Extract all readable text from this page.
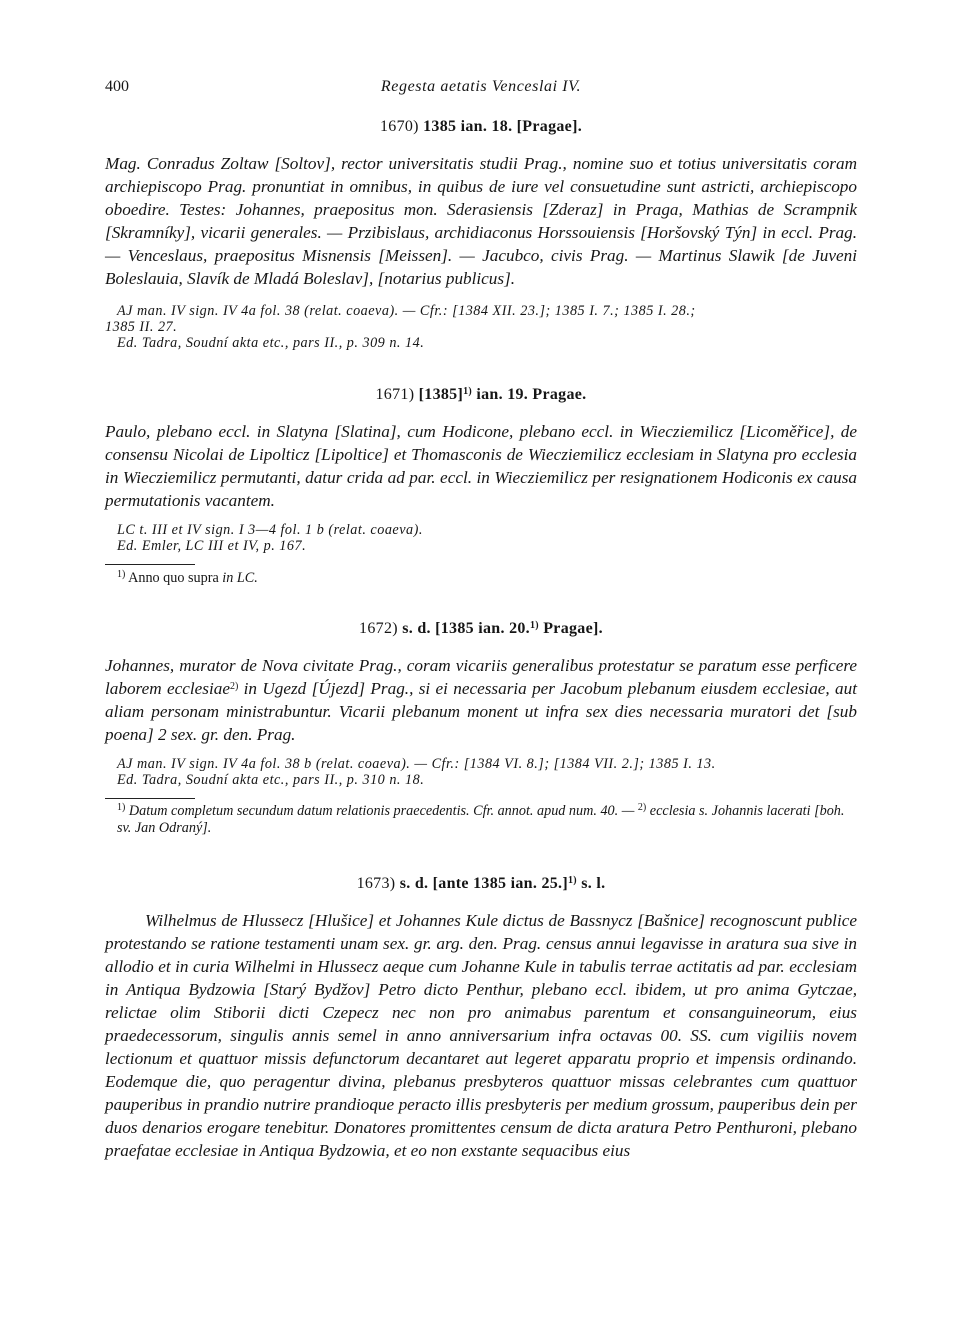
400	Regesta aetatis Venceslai IV.
1670) 1385 ian. 18. [Pragae].

Mag. Conradus Zoltaw [Soltov], rector universitatis studii Prag., nomine suo et totius universitatis coram archiepiscopo Prag. pronuntiat in omnibus, in quibus de iure vel consuetudine sunt astricti, archiepiscopo oboedire. Testes: Johannes, praepositus mon. Sderasiensis [Zderaz] in Praga, Mathias de Scrampnik [Skramníky], vicarii generales. — Przibislaus, archidiaconus Horssouiensis [Horšovský Týn] in eccl. Prag. — Venceslaus, praepositus Misnensis [Meissen]. — Jacubco, civis Prag. — Martinus Slawik [de Juveni Boleslauia, Slavík de Mladá Boleslav], [notarius publicus].

AJ man. IV sign. IV 4a fol. 38 (relat. coaeva). — Cfr.: [1384 XII. 23.]; 1385 I. 7.; 1385 I. 28.;

1385 II. 27.

Ed. Tadra, Soudní akta etc., pars II., p. 309 n. 14.

1671) $[1385]^{1)}$ ian. 19. Pragae.

Paulo, plebano eccl. in Slatyna [Slatina], cum Hodicone, plebano eccl. in Wiecziemilicz [Licoměřice], de consensu Nicolai de Lipolticz [Lipoltice] et Thomasconis de Wiecziemilicz ecclesiam in Slatyna pro ecclesia in Wiecziemilicz permutanti, datur crida ad par. eccl. in Wiecziemilicz per resignationem Hodiconis ex causa permutationis vacantem.

LC t. III et IV sign. I 3—4 fol. 1 b (relat. coaeva).

Ed. Emler, LC III et IV, p. 167.

$^{1)}$ Anno quo supra in LC.

1672) s. d. [1385 ian. 20.$^{1)}$ Pragae].

Johannes, murator de Nova civitate Prag., coram vicariis generalibus protestatur se paratum esse perficere laborem ecclesiae$^{2)}$ in Ugezd [Újezd] Prag., si ei necessaria per Jacobum plebanum eiusdem ecclesiae, aut aliam personam ministrabuntur. Vicarii plebanum monent ut infra sex dies necessaria muratori det [sub poena] 2 sex. gr. den. Prag.

AJ man. IV sign. IV 4a fol. 38 b (relat. coaeva). — Cfr.: [1384 VI. 8.]; [1384 VII. 2.]; 1385 I. 13.

Ed. Tadra, Soudní akta etc., pars II., p. 310 n. 18.

$^{1)}$ Datum completum secundum datum relationis praecedentis. Cfr. annot. apud num. 40. — $^{2)}$ ecclesia s. Johannis lacerati [boh. sv. Jan Odraný].

1673) s. d. [ante 1385 ian. 25.]$^{1)}$ s. l.

Wilhelmus de Hlussecz [Hlušice] et Johannes Kule dictus de Bassnycz [Bašnice] recognoscunt publice protestando se ratione testamenti unam sex. gr. arg. den. Prag. census annui legavisse in aratura sua sive in allodio et in curia Wilhelmi in Hlussecz aeque cum Johanne Kule in tabulis terrae actitatis ad par. ecclesiam in Antiqua Bydzowia [Starý Bydžov] Petro dicto Penthur, plebano eccl. ibidem, ut pro anima Gytczae, relictae olim Stiborii dicti Czepecz nec non pro animabus parentum et consanguineorum, eius praedecessorum, singulis annis semel in anno anniversarium infra octavas 00. SS. cum vigiliis novem lectionum et quattuor missis defunctorum decantaret aut legeret apparatu proprio et impensis ordinando. Eodemque die, quo peragentur divina, plebanus presbyteros quattuor missas celebrantes cum quattuor pauperibus in prandio nutrire prandioque peracto illis presbyteris per medium grossum, pauperibus dein per duos denarios erogare tenebitur. Donatores promittentes censum de dicta aratura Petro Penthuroni, plebano praefatae ecclesiae in Antiqua Bydzowia, et eo non exstante sequacibus eius
